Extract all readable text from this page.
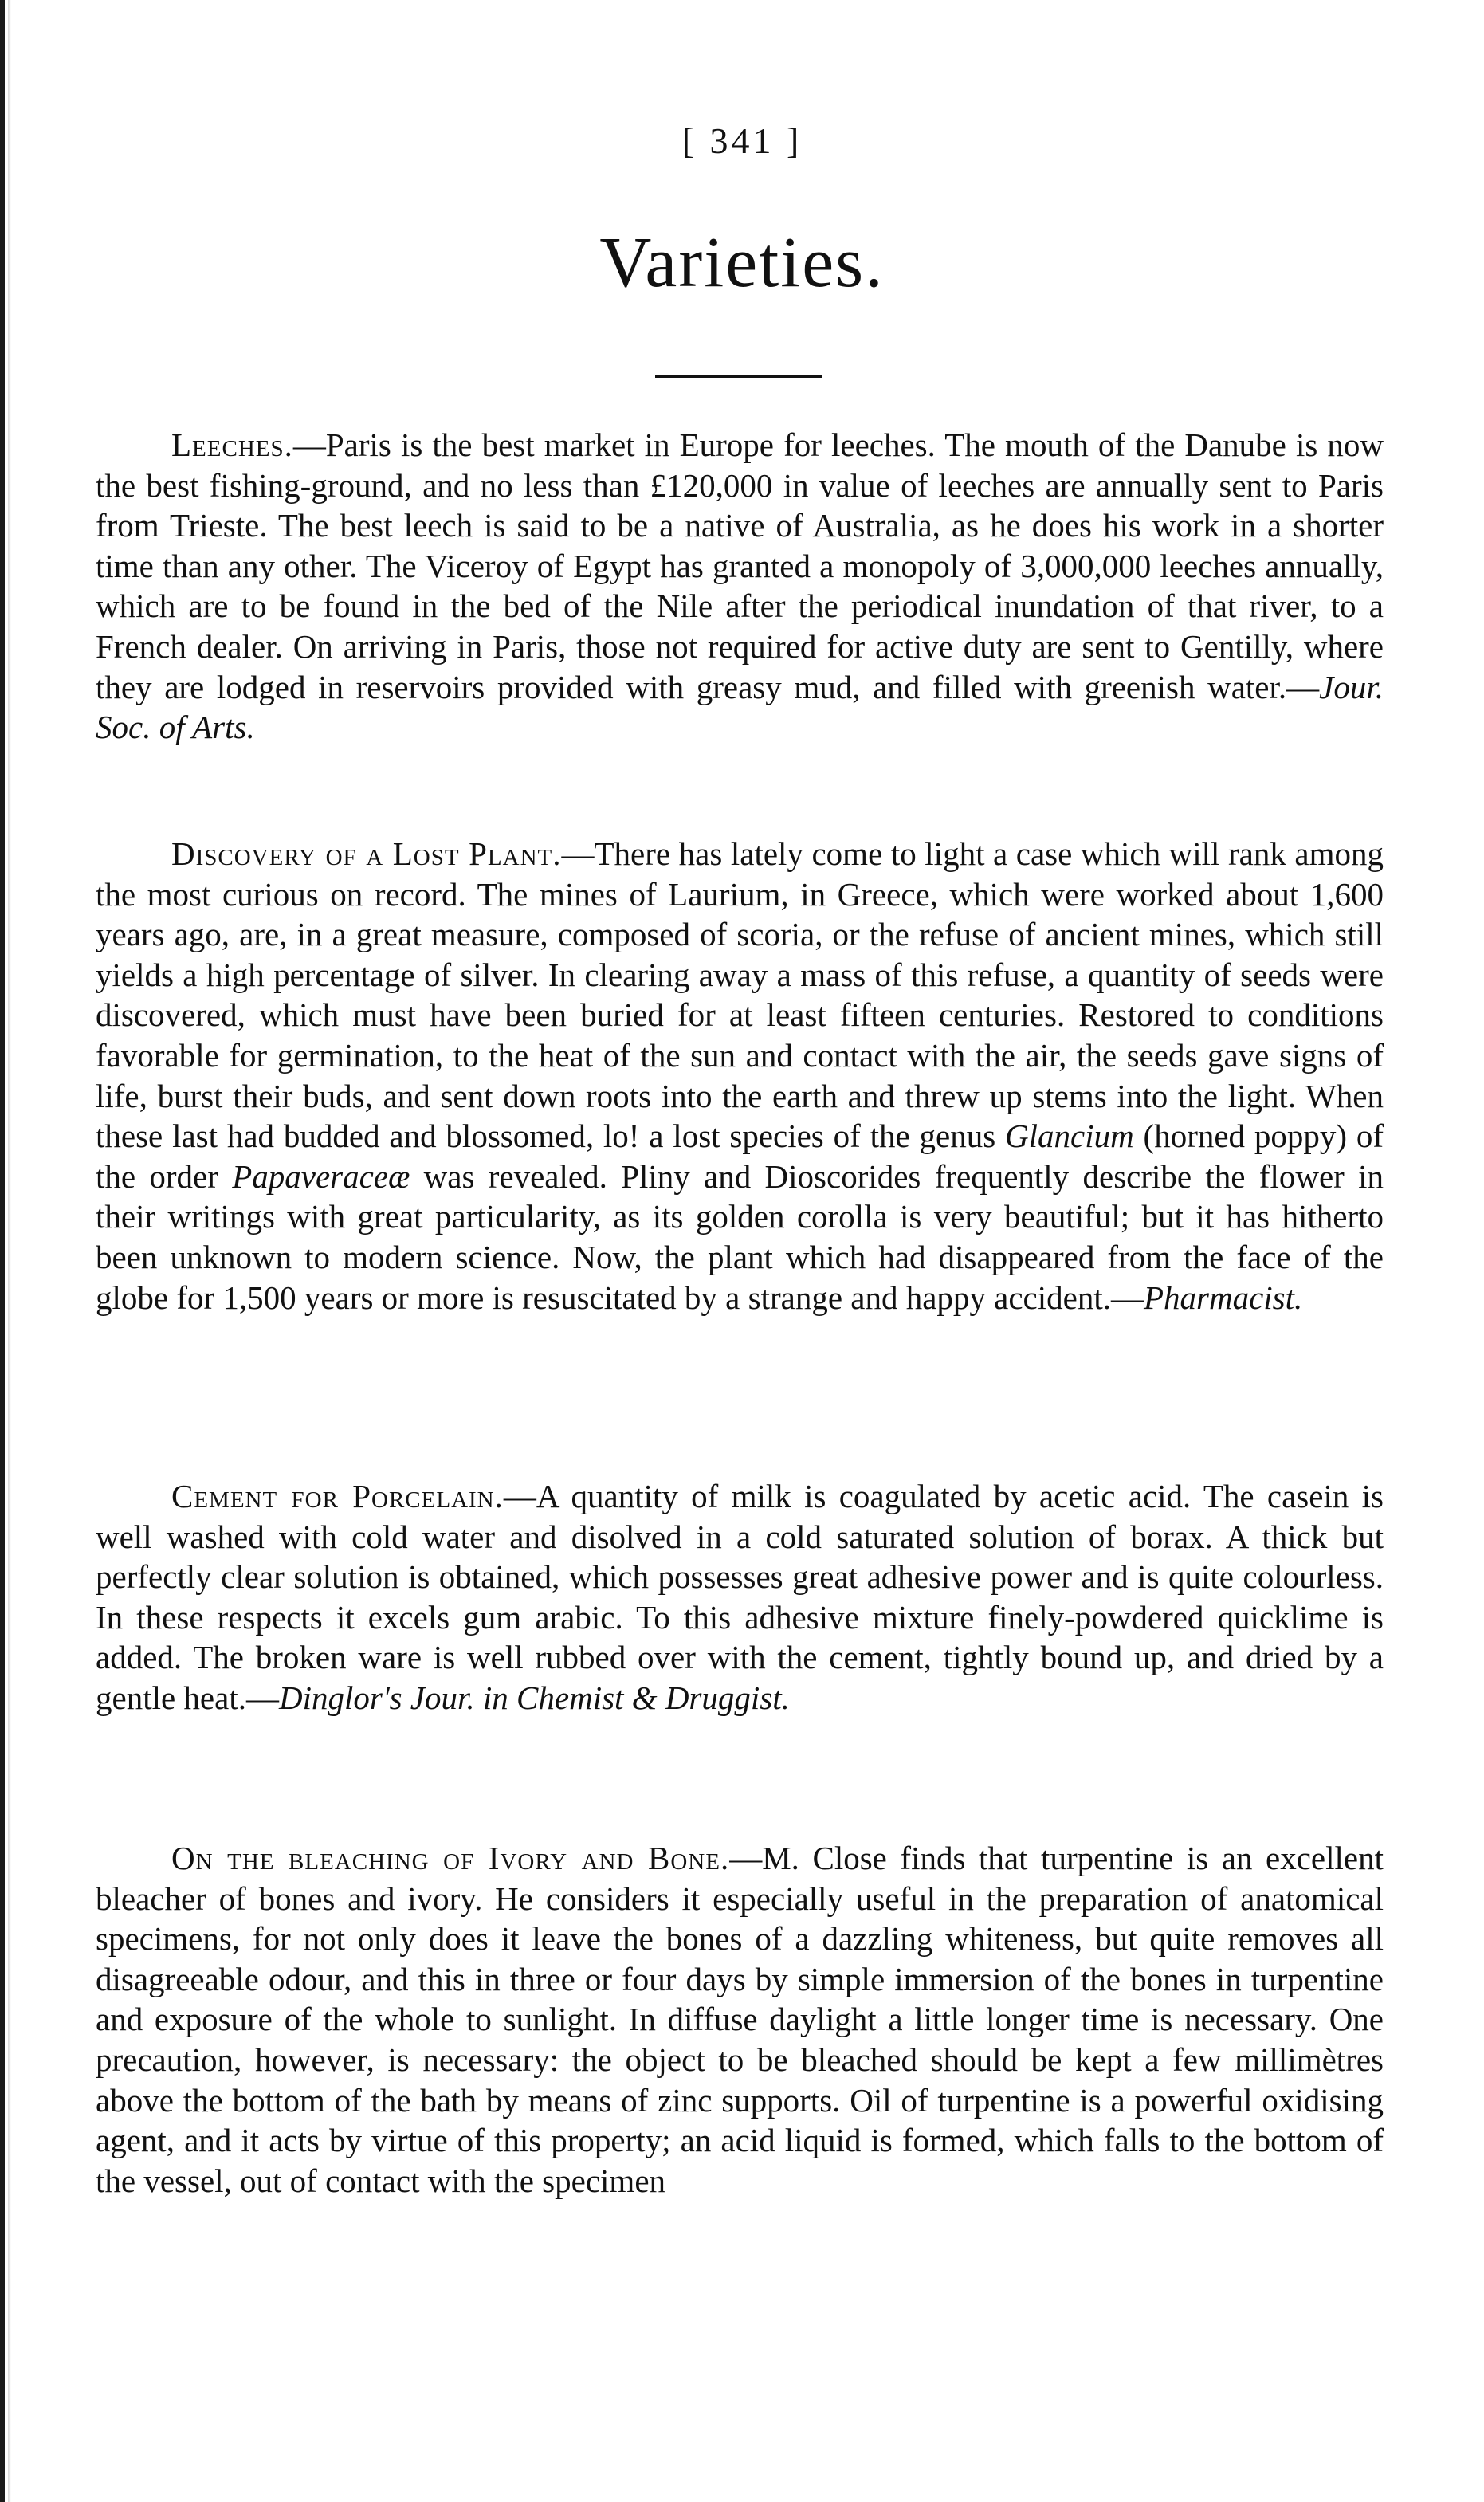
[ 341 ]
Varieties.

Leeches.—Paris is the best market in Europe for leeches. The mouth of the Danube is now the best fishing-ground, and no less than £120,000 in value of leeches are annually sent to Paris from Trieste. The best leech is said to be a native of Australia, as he does his work in a shorter time than any other. The Viceroy of Egypt has granted a monopoly of 3,000,000 leeches annually, which are to be found in the bed of the Nile after the periodical inundation of that river, to a French dealer. On arriving in Paris, those not required for active duty are sent to Gentilly, where they are lodged in reservoirs provided with greasy mud, and filled with greenish water.—Jour. Soc. of Arts.

Discovery of a Lost Plant.—There has lately come to light a case which will rank among the most curious on record. The mines of Laurium, in Greece, which were worked about 1,600 years ago, are, in a great measure, composed of scoria, or the refuse of ancient mines, which still yields a high percentage of silver. In clearing away a mass of this refuse, a quantity of seeds were discovered, which must have been buried for at least fifteen centuries. Restored to conditions favorable for germination, to the heat of the sun and contact with the air, the seeds gave signs of life, burst their buds, and sent down roots into the earth and threw up stems into the light. When these last had budded and blossomed, lo! a lost species of the genus Glancium (horned poppy) of the order Papaveraceæ was revealed. Pliny and Dioscorides frequently describe the flower in their writings with great particularity, as its golden corolla is very beautiful; but it has hitherto been unknown to modern science. Now, the plant which had disappeared from the face of the globe for 1,500 years or more is resuscitated by a strange and happy accident.—Pharmacist.

Cement for Porcelain.—A quantity of milk is coagulated by acetic acid. The casein is well washed with cold water and disolved in a cold saturated solution of borax. A thick but perfectly clear solution is obtained, which possesses great adhesive power and is quite colourless. In these respects it excels gum arabic. To this adhesive mixture finely-powdered quicklime is added. The broken ware is well rubbed over with the cement, tightly bound up, and dried by a gentle heat.—Dinglor's Jour. in Chemist & Druggist.

On the bleaching of Ivory and Bone.—M. Close finds that turpentine is an excellent bleacher of bones and ivory. He considers it especially useful in the preparation of anatomical specimens, for not only does it leave the bones of a dazzling whiteness, but quite removes all disagreeable odour, and this in three or four days by simple immersion of the bones in turpentine and exposure of the whole to sunlight. In diffuse daylight a little longer time is necessary. One precaution, however, is necessary: the object to be bleached should be kept a few millimètres above the bottom of the bath by means of zinc supports. Oil of turpentine is a powerful oxidising agent, and it acts by virtue of this property; an acid liquid is formed, which falls to the bottom of the vessel, out of contact with the specimen
